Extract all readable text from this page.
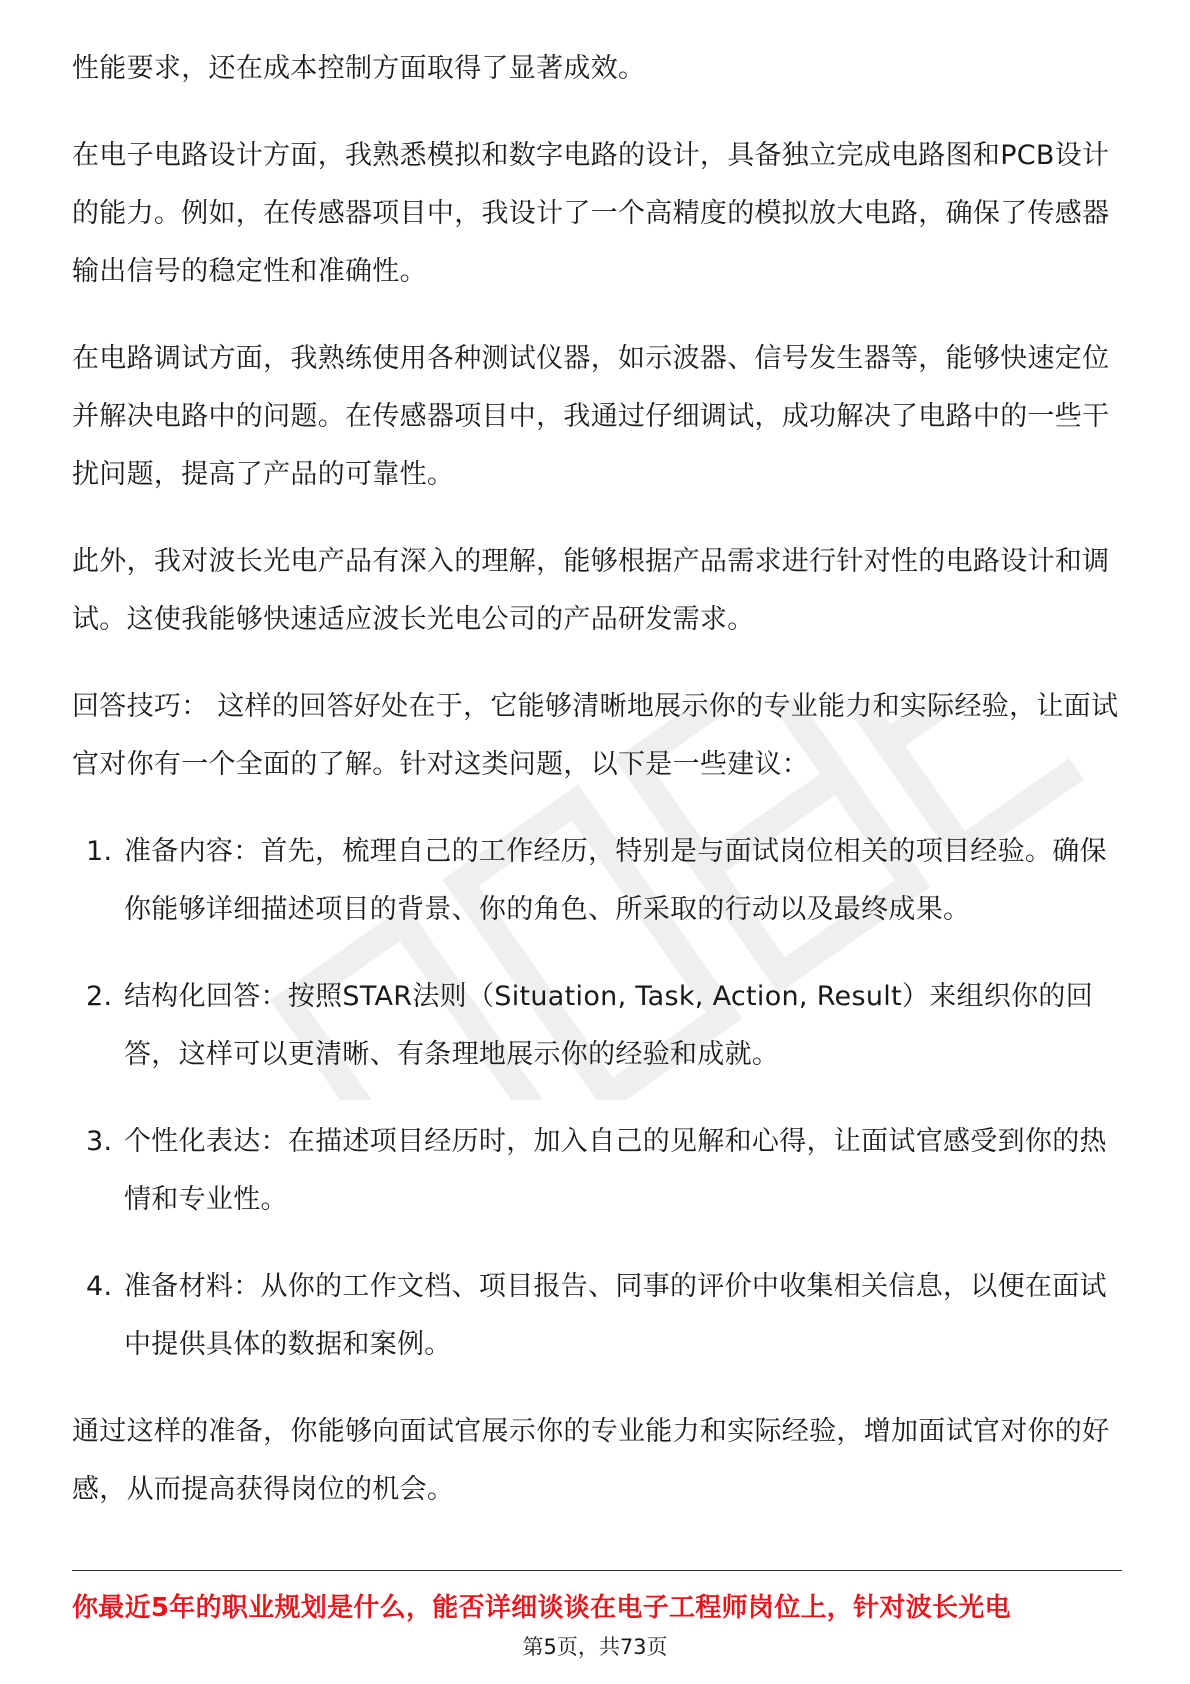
性能要求，还在成本控制方面取得了显著成效。

在电子电路设计方面，我熟悉模拟和数字电路的设计，具备独立完成电路图和PCB设计的能力。例如，在传感器项目中，我设计了一个高精度的模拟放大电路，确保了传感器输出信号的稳定性和准确性。

在电路调试方面，我熟练使用各种测试仪器，如示波器、信号发生器等，能够快速定位并解决电路中的问题。在传感器项目中，我通过仔细调试，成功解决了电路中的一些干扰问题，提高了产品的可靠性。

此外，我对波长光电产品有深入的理解，能够根据产品需求进行针对性的电路设计和调试。这使我能够快速适应波长光电公司的产品研发需求。

回答技巧： 这样的回答好处在于，它能够清晰地展示你的专业能力和实际经验，让面试官对你有一个全面的了解。针对这类问题，以下是一些建议：

1. 准备内容：首先，梳理自己的工作经历，特别是与面试岗位相关的项目经验。确保你能够详细描述项目的背景、你的角色、所采取的行动以及最终成果。
2. 结构化回答：按照STAR法则（Situation, Task, Action, Result）来组织你的回答，这样可以更清晰、有条理地展示你的经验和成就。
3. 个性化表达：在描述项目经历时，加入自己的见解和心得，让面试官感受到你的热情和专业性。
4. 准备材料：从你的工作文档、项目报告、同事的评价中收集相关信息，以便在面试中提供具体的数据和案例。

通过这样的准备，你能够向面试官展示你的专业能力和实际经验，增加面试官对你的好感，从而提高获得岗位的机会。

你最近5年的职业规划是什么，能否详细谈谈在电子工程师岗位上，针对波长光电
第5页，共73页
